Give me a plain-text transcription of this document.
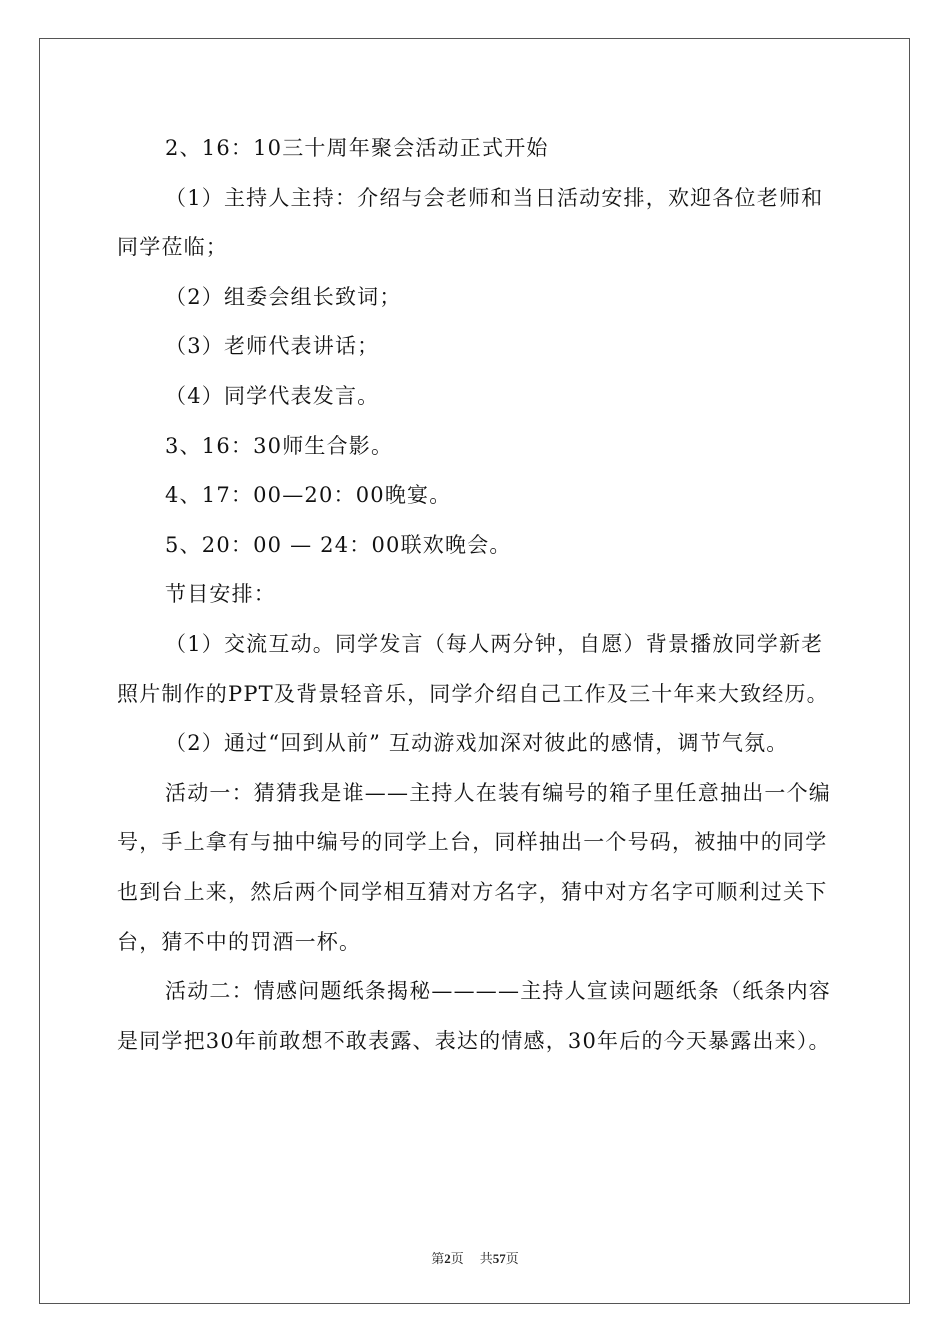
2、16：10三十周年聚会活动正式开始

（1）主持人主持：介绍与会老师和当日活动安排，欢迎各位老师和同学莅临；

（2）组委会组长致词；

（3）老师代表讲话；

（4）同学代表发言。

3、16：30师生合影。

4、17：00—20：00晚宴。

5、20：00 — 24：00联欢晚会。

节目安排：

（1）交流互动。同学发言（每人两分钟，自愿）背景播放同学新老照片制作的PPT及背景轻音乐，同学介绍自己工作及三十年来大致经历。

（2）通过“回到从前” 互动游戏加深对彼此的感情，调节气氛。

活动一：猜猜我是谁——主持人在装有编号的箱子里任意抽出一个编号，手上拿有与抽中编号的同学上台，同样抽出一个号码，被抽中的同学也到台上来，然后两个同学相互猜对方名字，猜中对方名字可顺利过关下台，猜不中的罚酒一杯。

活动二：情感问题纸条揭秘————主持人宣读问题纸条（纸条内容是同学把30年前敢想不敢表露、表达的情感，30年后的今天暴露出来）。

第2页 共57页
